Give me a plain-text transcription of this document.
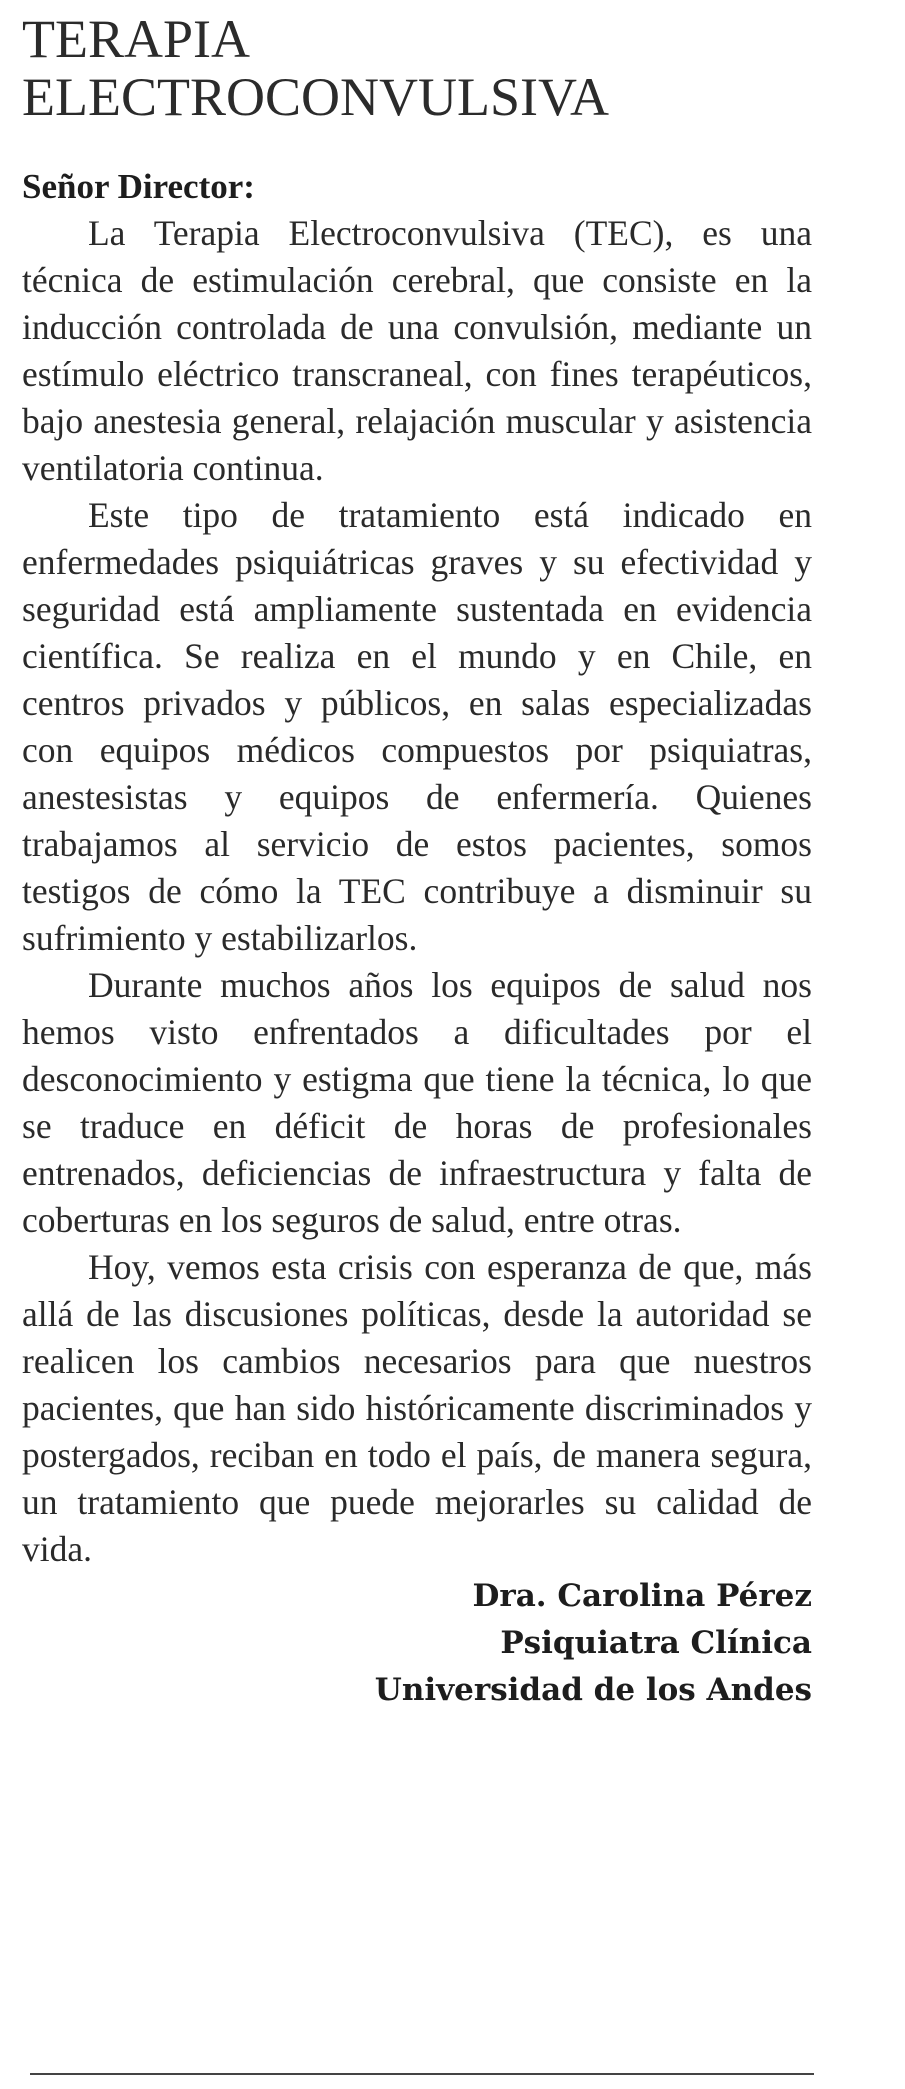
TERAPIA
ELECTROCONVULSIVA

Señor Director:

La Terapia Electroconvulsiva (TEC), es una técnica de estimulación cerebral, que consiste en la inducción controlada de una convulsión, mediante un estímulo eléctrico transcraneal, con fines terapéuticos, bajo anestesia general, relajación muscular y asistencia ventilatoria continua.

Este tipo de tratamiento está indicado en enfermedades psiquiátricas graves y su efectividad y seguridad está ampliamente sustentada en evidencia científica. Se realiza en el mundo y en Chile, en centros privados y públicos, en salas especializadas con equipos médicos compuestos por psiquiatras, anestesistas y equipos de enfermería. Quienes trabajamos al servicio de estos pacientes, somos testigos de cómo la TEC contribuye a disminuir su sufrimiento y estabilizarlos.

Durante muchos años los equipos de salud nos hemos visto enfrentados a dificultades por el desconocimiento y estigma que tiene la técnica, lo que se traduce en déficit de horas de profesionales entrenados, deficiencias de infraestructura y falta de coberturas en los seguros de salud, entre otras.

Hoy, vemos esta crisis con esperanza de que, más allá de las discusiones políticas, desde la autoridad se realicen los cambios necesarios para que nuestros pacientes, que han sido históricamente discriminados y postergados, reciban en todo el país, de manera segura, un tratamiento que puede mejorarles su calidad de vida.

Dra. Carolina Pérez
Psiquiatra Clínica
Universidad de los Andes
